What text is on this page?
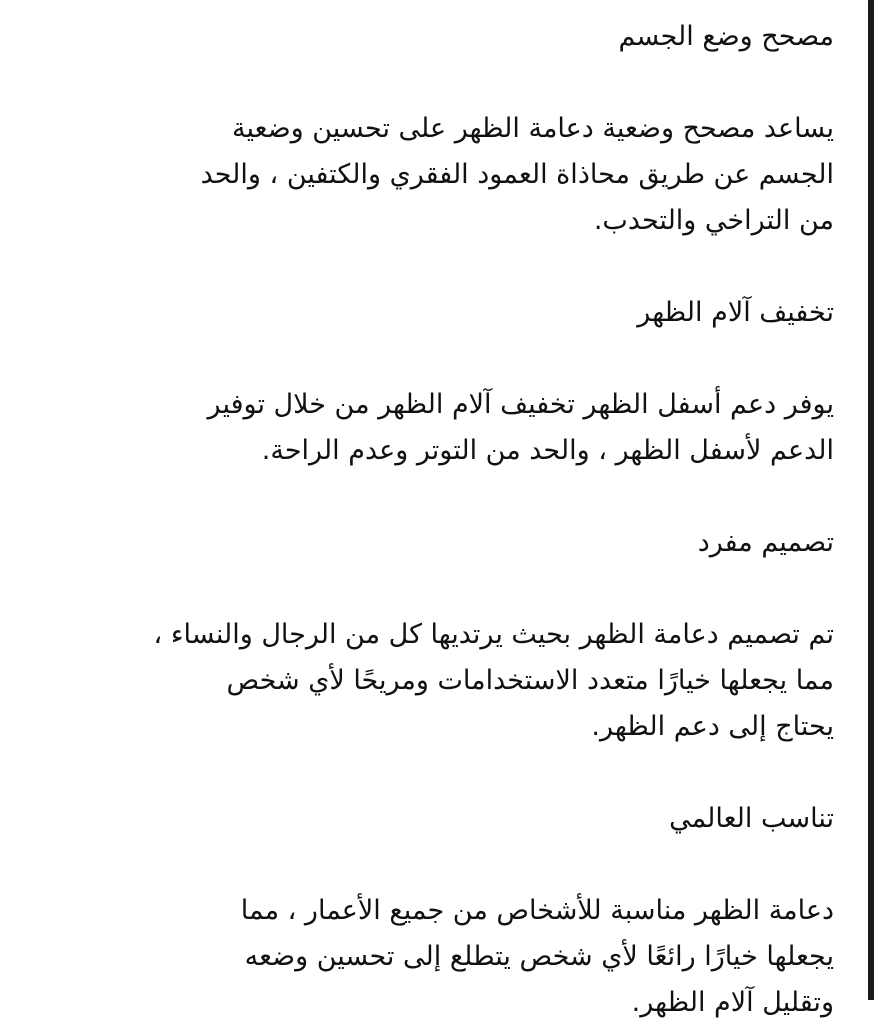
مصحح وضع الجسم

يساعد مصحح وضعية دعامة الظهر على تحسين وضعية
الجسم عن طريق محاذاة العمود الفقري والكتفين ، والحد
من التراخي والتحدب.

تخفيف آلام الظهر

يوفر دعم أسفل الظهر تخفيف آلام الظهر من خلال توفير
الدعم لأسفل الظهر ، والحد من التوتر وعدم الراحة.

تصميم مفرد

تم تصميم دعامة الظهر بحيث يرتديها كل من الرجال والنساء ،
مما يجعلها خيارًا متعدد الاستخدامات ومريحًا لأي شخص
يحتاج إلى دعم الظهر.

تناسب العالمي

دعامة الظهر مناسبة للأشخاص من جميع الأعمار ، مما
يجعلها خيارًا رائعًا لأي شخص يتطلع إلى تحسين وضعه
وتقليل آلام الظهر.
